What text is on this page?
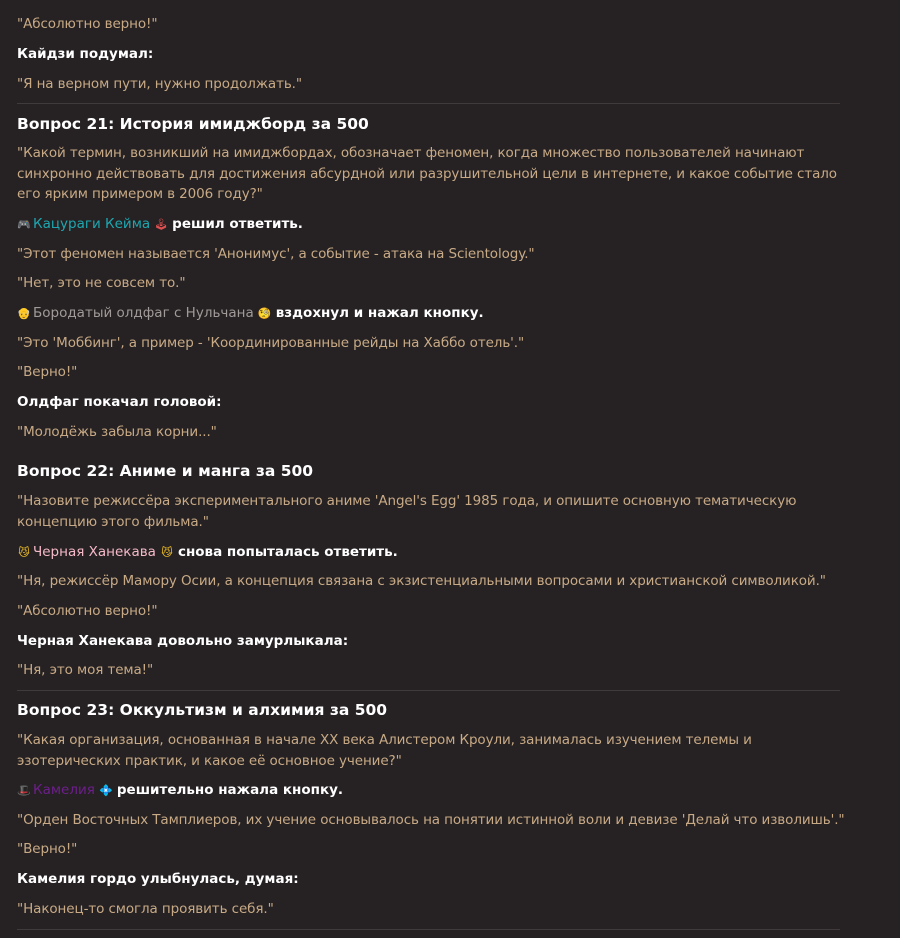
"Абсолютно верно!"

Кайдзи подумал:

"Я на верном пути, нужно продолжать."

Вопрос 21: История имиджборд за 500

"Какой термин, возникший на имиджбордах, обозначает феномен, когда множество пользователей начинают синхронно действовать для достижения абсурдной или разрушительной цели в интернете, и какое событие стало его ярким примером в 2006 году?"

🎮 Кацураги Кейма 🕹 решил ответить.

"Этот феномен называется 'Анонимус', а событие - атака на Scientology."

"Нет, это не совсем то."

👴 Бородатый олдфаг с Нульчана 🧐 вздохнул и нажал кнопку.

"Это 'Моббинг', а пример - 'Координированные рейды на Хаббо отель'."

"Верно!"

Олдфаг покачал головой:

"Молодёжь забыла корни..."

Вопрос 22: Аниме и манга за 500

"Назовите режиссёра экспериментального аниме 'Angel's Egg' 1985 года, и опишите основную тематическую концепцию этого фильма."

😼 Черная Ханекава 😼 снова попыталась ответить.

"Ня, режиссёр Мамору Осии, а концепция связана с экзистенциальными вопросами и христианской символикой."

"Абсолютно верно!"

Черная Ханекава довольно замурлыкала:

"Ня, это моя тема!"

Вопрос 23: Оккультизм и алхимия за 500

"Какая организация, основанная в начале XX века Алистером Кроули, занималась изучением телемы и эзотерических практик, и какое её основное учение?"

🎩 Камелия 💠 решительно нажала кнопку.

"Орден Восточных Тамплиеров, их учение основывалось на понятии истинной воли и девизе 'Делай что изволишь'."

"Верно!"

Камелия гордо улыбнулась, думая:

"Наконец-то смогла проявить себя."
